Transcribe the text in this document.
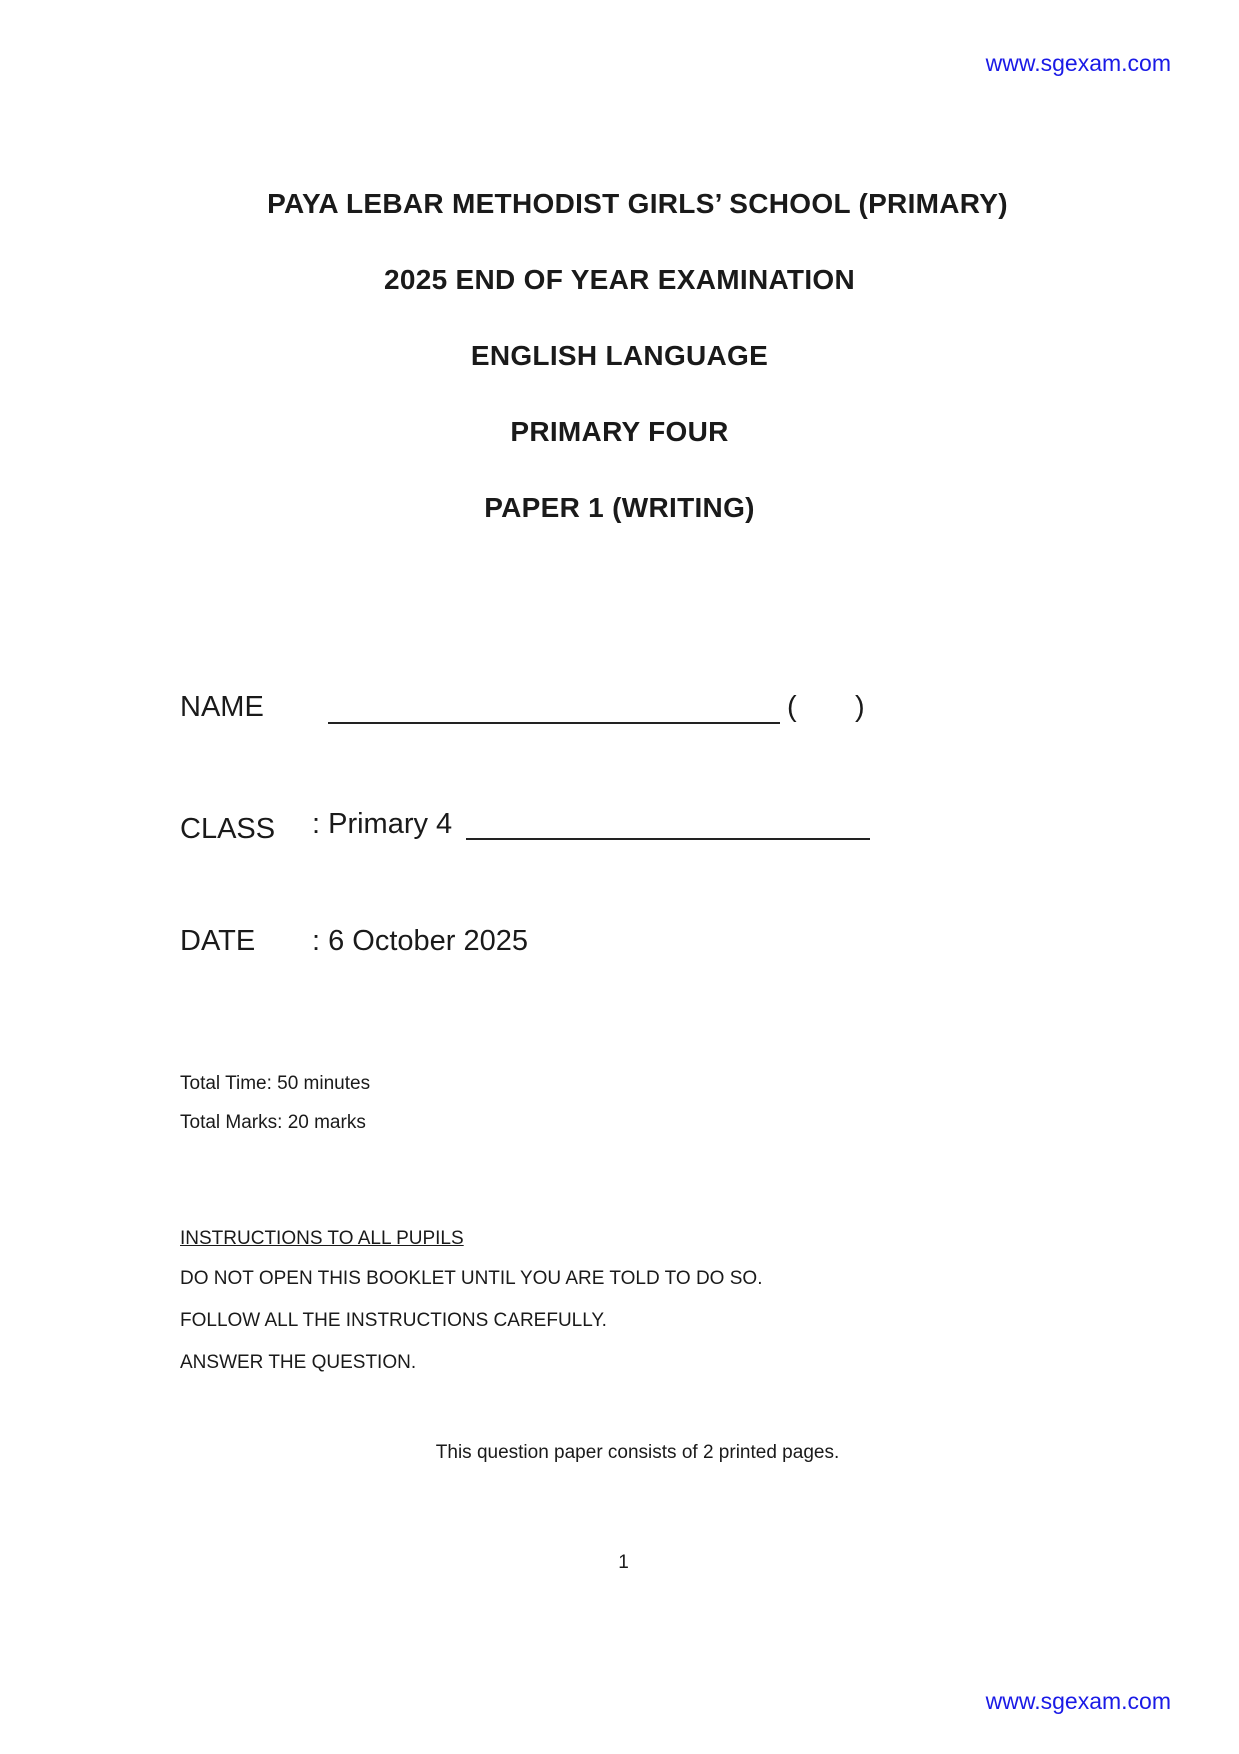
www.sgexam.com
PAYA LEBAR METHODIST GIRLS’ SCHOOL (PRIMARY)
2025 END OF YEAR EXAMINATION
ENGLISH LANGUAGE
PRIMARY FOUR
PAPER 1 (WRITING)
NAME	( )
CLASS : Primary 4
DATE : 6 October 2025
Total Time: 50 minutes
Total Marks: 20 marks
INSTRUCTIONS TO ALL PUPILS
DO NOT OPEN THIS BOOKLET UNTIL YOU ARE TOLD TO DO SO.
FOLLOW ALL THE INSTRUCTIONS CAREFULLY.
ANSWER THE QUESTION.
This question paper consists of 2 printed pages.
1
www.sgexam.com
